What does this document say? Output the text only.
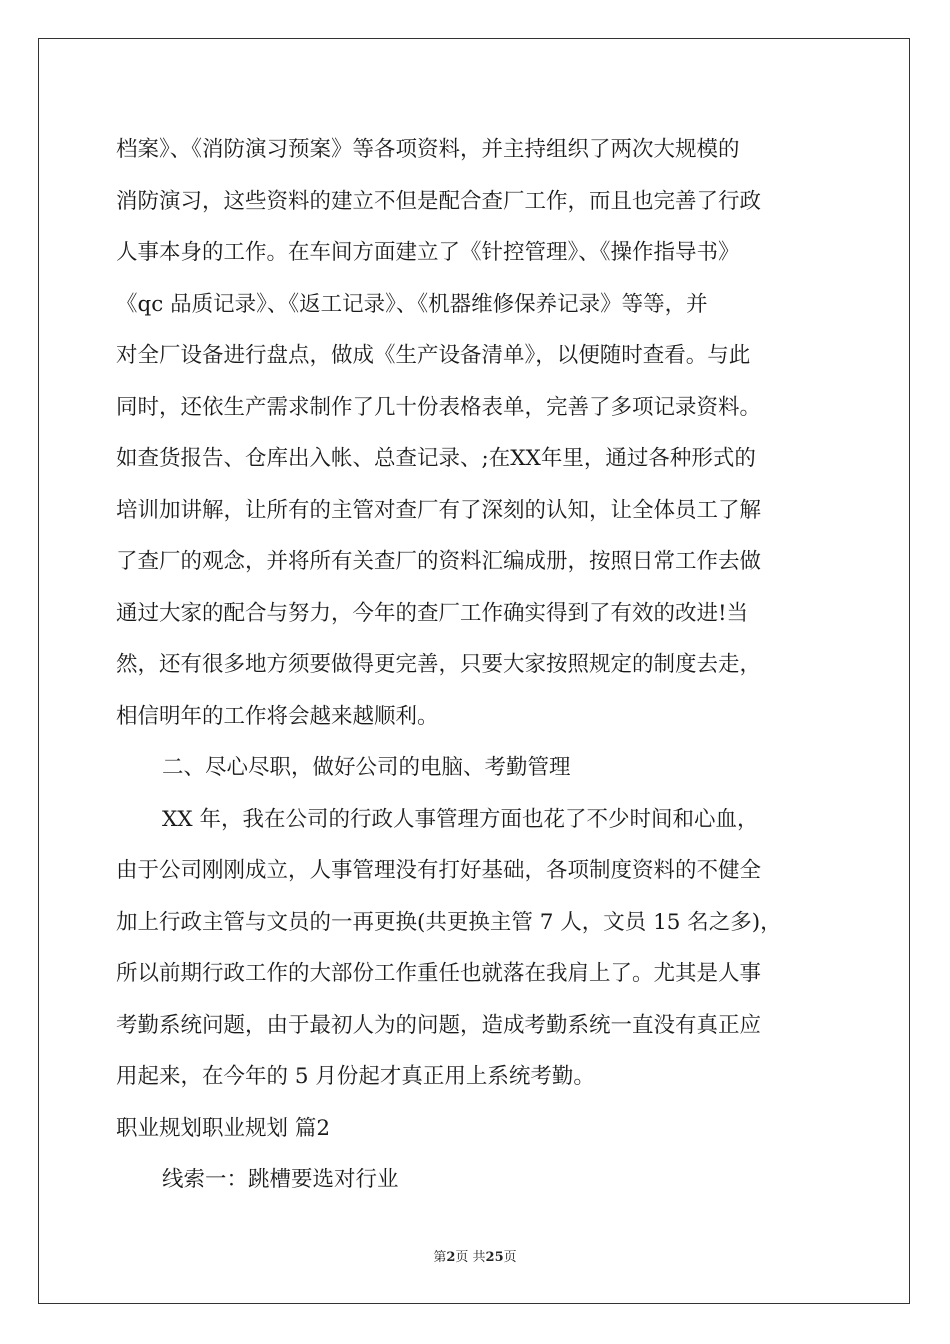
档案》、《消防演习预案》等各项资料，并主持组织了两次大规模的
消防演习，这些资料的建立不但是配合查厂工作，而且也完善了行政
人事本身的工作。在车间方面建立了《针控管理》、《操作指导书》
《qc 品质记录》、《返工记录》、《机器维修保养记录》等等，并
对全厂设备进行盘点，做成《生产设备清单》，以便随时查看。与此
同时，还依生产需求制作了几十份表格表单，完善了多项记录资料。
如查货报告、仓库出入帐、总查记录、;在XX年里，通过各种形式的
培训加讲解，让所有的主管对查厂有了深刻的认知，让全体员工了解
了查厂的观念，并将所有关查厂的资料汇编成册，按照日常工作去做
通过大家的配合与努力，今年的查厂工作确实得到了有效的改进!当
然，还有很多地方须要做得更完善，只要大家按照规定的制度去走，
相信明年的工作将会越来越顺利。
二、尽心尽职，做好公司的电脑、考勤管理
XX 年，我在公司的行政人事管理方面也花了不少时间和心血，
由于公司刚刚成立，人事管理没有打好基础，各项制度资料的不健全
加上行政主管与文员的一再更换(共更换主管 7 人，文员 15 名之多)，
所以前期行政工作的大部份工作重任也就落在我肩上了。尤其是人事
考勤系统问题，由于最初人为的问题，造成考勤系统一直没有真正应
用起来，在今年的 5 月份起才真正用上系统考勤。
职业规划职业规划 篇2
线索一：跳槽要选对行业
第2页 共25页
